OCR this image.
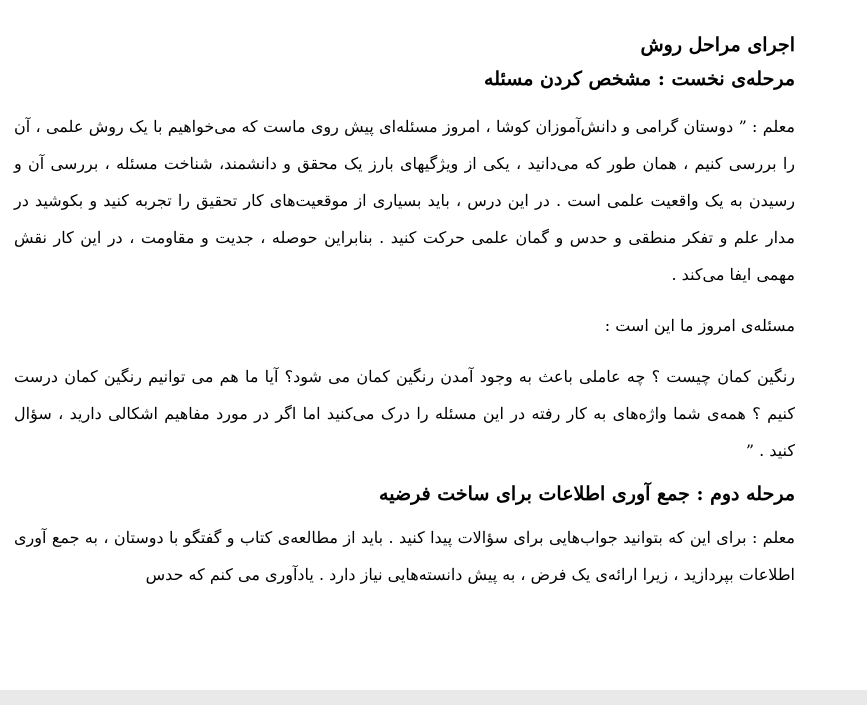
اجرای مراحل روش
مرحله‌ی نخست : مشخص کردن مسئله

معلم : ” دوستان گرامی و دانش‌آموزان کوشا ، امروز مسئله‌ای پیش روی ماست که می‌خواهیم با یک روش علمی ، آن را بررسی کنیم ، همان طور که می‌دانید ، یکی از ویژگیهای بارز یک محقق و دانشمند، شناخت مسئله ، بررسی آن و رسیدن به یک واقعیت علمی است . در این درس ، باید بسیاری از موقعیت‌های کار تحقیق را تجربه کنید و بکوشید در مدار علم و تفکر منطقی و حدس و گمان علمی حرکت کنید . بنابراین حوصله ، جدیت و مقاومت ، در این کار نقش مهمی ایفا می‌کند .

مسئله‌ی امروز ما این است :

رنگین کمان چیست ؟ چه عاملی باعث به وجود آمدن رنگین کمان می شود؟ آیا ما هم می توانیم رنگین کمان درست کنیم ؟ همه‌ی شما واژه‌های به کار رفته در این مسئله را درک می‌کنید اما اگر در مورد مفاهیم اشکالی دارید ، سؤال کنید . ”

مرحله دوم : جمع آوری اطلاعات برای ساخت فرضیه

معلم : برای این که بتوانید جواب‌هایی برای سؤالات پیدا کنید . باید از مطالعه‌ی کتاب و گفتگو با دوستان ، به جمع آوری اطلاعات بپردازید ، زیرا ارائه‌ی یک فرض ، به پیش دانسته‌هایی نیاز دارد . یادآوری می کنم که حدس
